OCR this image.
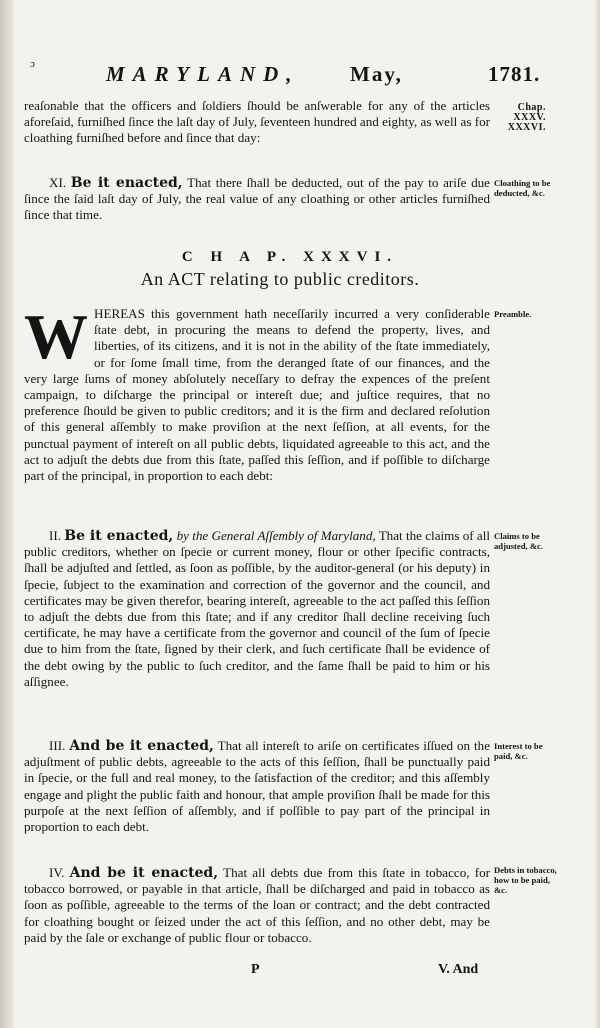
ɔ	MARYLAND, May,	1781.
Chap. XXXV. XXXVI.
reaſonable that the officers and ſoldiers ſhould be anſwerable for any of the articles aforeſaid, furniſhed ſince the laſt day of July, ſeventeen hundred and eighty, as well as for cloathing furniſhed before and ſince that day:
Cloathing to be deducted, &c.
XI. Be it enacted, That there ſhall be deducted, out of the pay to ariſe due ſince the ſaid laſt day of July, the real value of any cloathing or other articles furniſhed ſince that time.
C H A P. XXXVI.
An ACT relating to public creditors.
Preamble.
W HEREAS this government hath neceſſarily incurred a very conſiderable ſtate debt, in procuring the means to defend the property, lives, and liberties, of its citizens, and it is not in the ability of the ſtate immediately, or for ſome ſmall time, from the deranged ſtate of our finances, and the very large ſums of money abſolutely neceſſary to defray the expences of the preſent campaign, to diſcharge the principal or intereſt due; and juſtice requires, that no preference ſhould be given to public creditors; and it is the firm and declared reſolution of this general aſſembly to make proviſion at the next ſeſſion, at all events, for the punctual payment of intereſt on all public debts, liquidated agreeable to this act, and the act to adjuſt the debts due from this ſtate, paſſed this ſeſſion, and if poſſible to diſcharge part of the principal, in proportion to each debt:
Claims to be adjusted, &c.
II. Be it enacted, by the General Aſſembly of Maryland, That the claims of all public creditors, whether on ſpecie or current money, flour or other ſpecific contracts, ſhall be adjuſted and ſettled, as ſoon as poſſible, by the auditor-general (or his deputy) in ſpecie, ſubject to the examination and correction of the governor and the council, and certificates may be given therefor, bearing intereſt, agreeable to the act paſſed this ſeſſion to adjuſt the debts due from this ſtate; and if any creditor ſhall decline receiving ſuch certificate, he may have a certificate from the governor and council of the ſum of ſpecie due to him from the ſtate, ſigned by their clerk, and ſuch certificate ſhall be evidence of the debt owing by the public to ſuch creditor, and the ſame ſhall be paid to him or his aſſignee.
Interest to be paid, &c.
III. And be it enacted, That all intereſt to ariſe on certificates iſſued on the adjuſtment of public debts, agreeable to the acts of this ſeſſion, ſhall be punctually paid in ſpecie, or the full and real money, to the ſatisfaction of the creditor; and this aſſembly engage and plight the public faith and honour, that ample proviſion ſhall be made for this purpoſe at the next ſeſſion of aſſembly, and if poſſible to pay part of the principal in proportion to each debt.
Debts in tobacco, how to be paid, &c.
IV. And be it enacted, That all debts due from this ſtate in tobacco, for tobacco borrowed, or payable in that article, ſhall be diſcharged and paid in tobacco as ſoon as poſſible, agreeable to the terms of the loan or contract; and the debt contracted for cloathing bought or ſeized under the act of this ſeſſion, and no other debt, may be paid by the ſale or exchange of public flour or tobacco.
P	V. And
